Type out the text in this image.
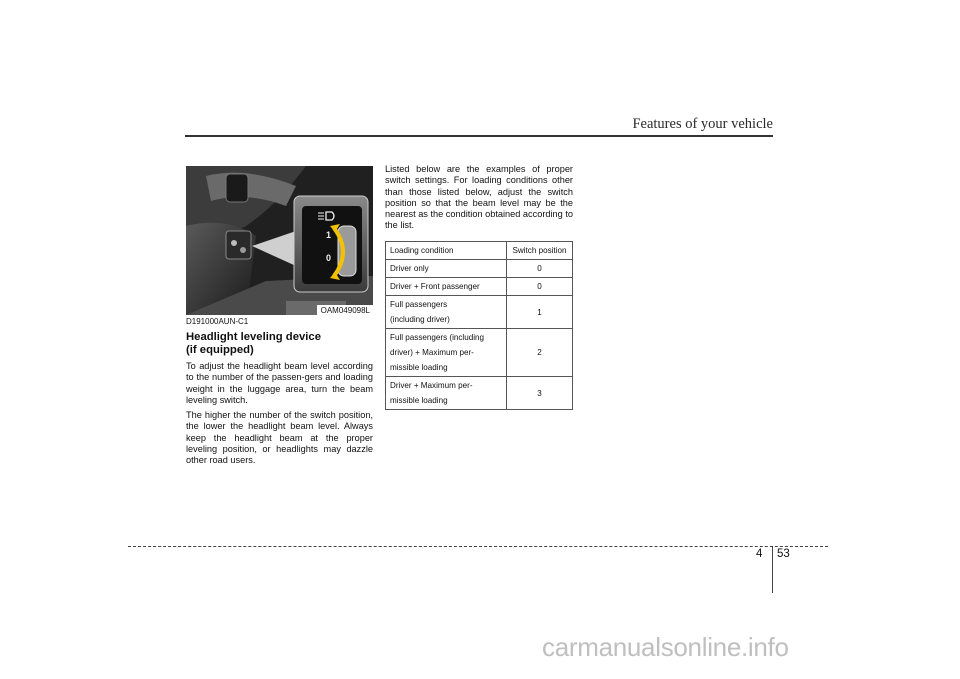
Features of your vehicle
1
0
OAM049098L
D191000AUN-C1
Headlight leveling device
(if equipped)

To adjust the headlight beam level according to the number of the passen-gers and loading weight in the luggage area, turn the beam leveling switch.

The higher the number of the switch position, the lower the headlight beam level. Always keep the headlight beam at the proper leveling position, or headlights may dazzle other road users.

Listed below are the examples of proper switch settings. For loading conditions other than those listed below, adjust the switch position so that the beam level may be the nearest as the condition obtained according to the list.

Loading condition	Switch position

Driver only	0

Driver + Front passenger	0

Full passengers
(including driver)	1

Full passengers (including
driver) + Maximum per-
missible loading	2

Driver + Maximum per-
missible loading	3
4 53
carmanualsonline.info
